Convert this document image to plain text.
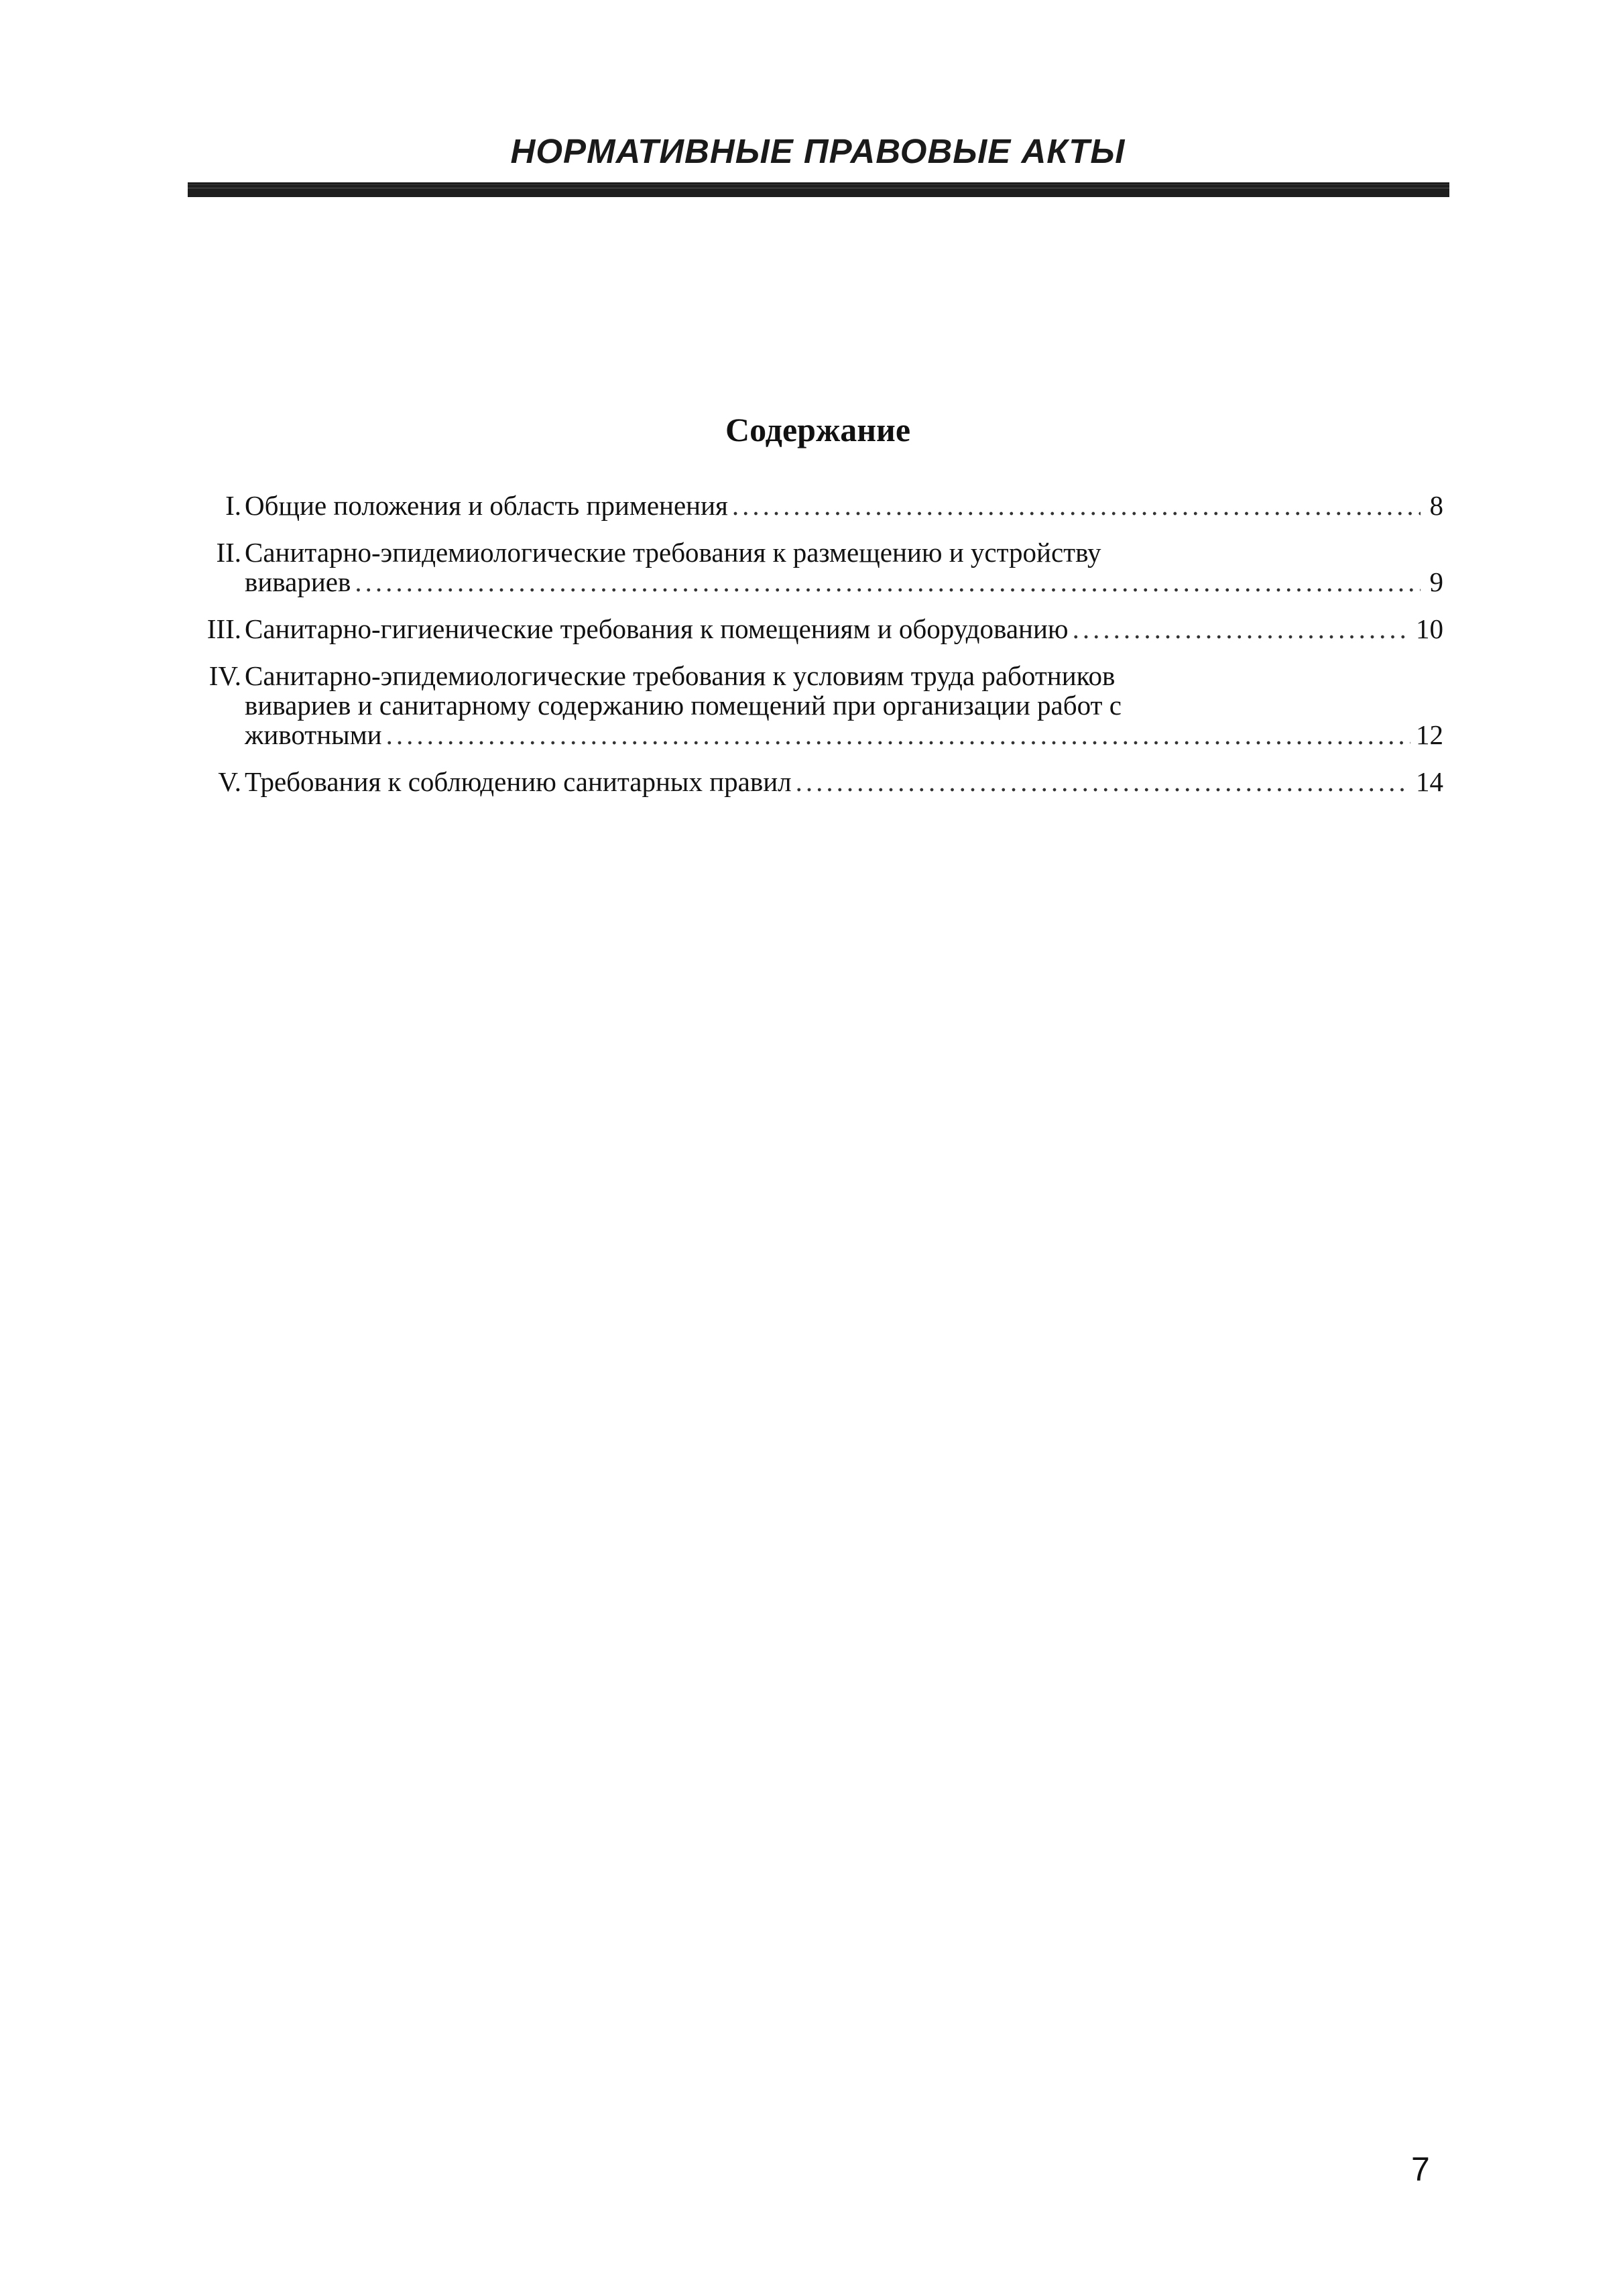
НОРМАТИВНЫЕ ПРАВОВЫЕ АКТЫ
Содержание
I. Общие положения и область применения .....	8
II. Санитарно-эпидемиологические требования к размещению и устройству
вивариев .....	9
III. Санитарно-гигиенические требования к помещениям и оборудованию .....	10
IV. Санитарно-эпидемиологические требования к условиям труда работников
вивариев и санитарному содержанию помещений при организации работ с
животными .....	12
V. Требования к соблюдению санитарных правил .....	14
7
